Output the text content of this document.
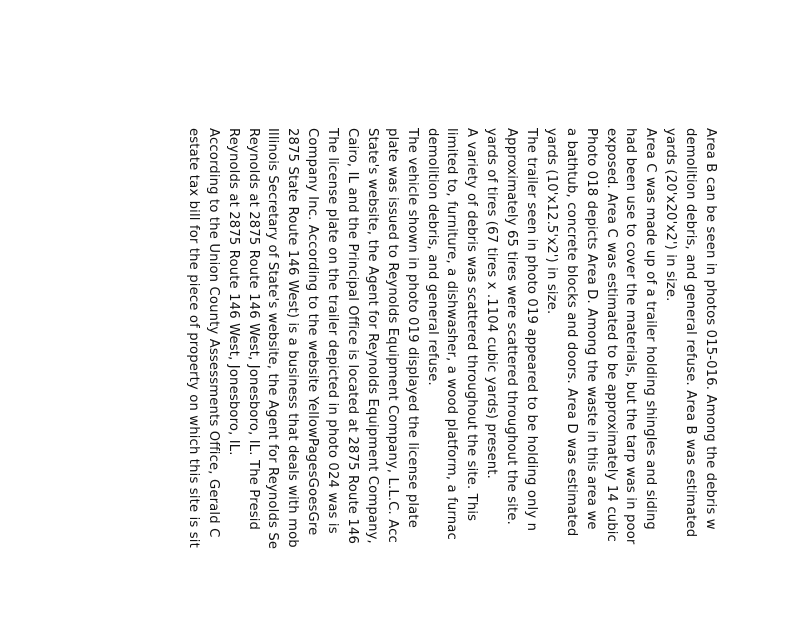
Area B can be seen in photos 015-016. Among the debris w
demolition debris, and general refuse. Area B was estimated
yards (20'x20'x2') in size.
Area C was made up of a trailer holding shingles and siding
had been use to cover the materials, but the tarp was in poor
exposed. Area C was estimated to be approximately 14 cubic
Photo 018 depicts Area D. Among the waste in this area we
a bathtub, concrete blocks and doors. Area D was estimated
yards (10'x12.5'x2') in size.
The trailer seen in photo 019 appeared to be holding only n
Approximately 65 tires were scattered throughout the site.
yards of tires (67 tires x .1104 cubic yards) present.
A variety of debris was scattered throughout the site. This
limited to, furniture, a dishwasher, a wood platform, a furnac
demolition debris, and general refuse.
The vehicle shown in photo 019 displayed the license plate
plate was issued to Reynolds Equipment Company, L.L.C. Acc
State's website, the Agent for Reynolds Equipment Company,
Cairo, IL and the Principal Office is located at 2875 Route 146
The license plate on the trailer depicted in photo 024 was is
Company Inc. According to the website YellowPagesGoesGre
2875 State Route 146 West) is a business that deals with mob
Illinois Secretary of State's website, the Agent for Reynolds Se
Reynolds at 2875 Route 146 West, Jonesboro, IL. The Presid
Reynolds at 2875 Route 146 West, Jonesboro, IL.
According to the Union County Assessments Office, Gerald C
estate tax bill for the piece of property on which this site is sit
